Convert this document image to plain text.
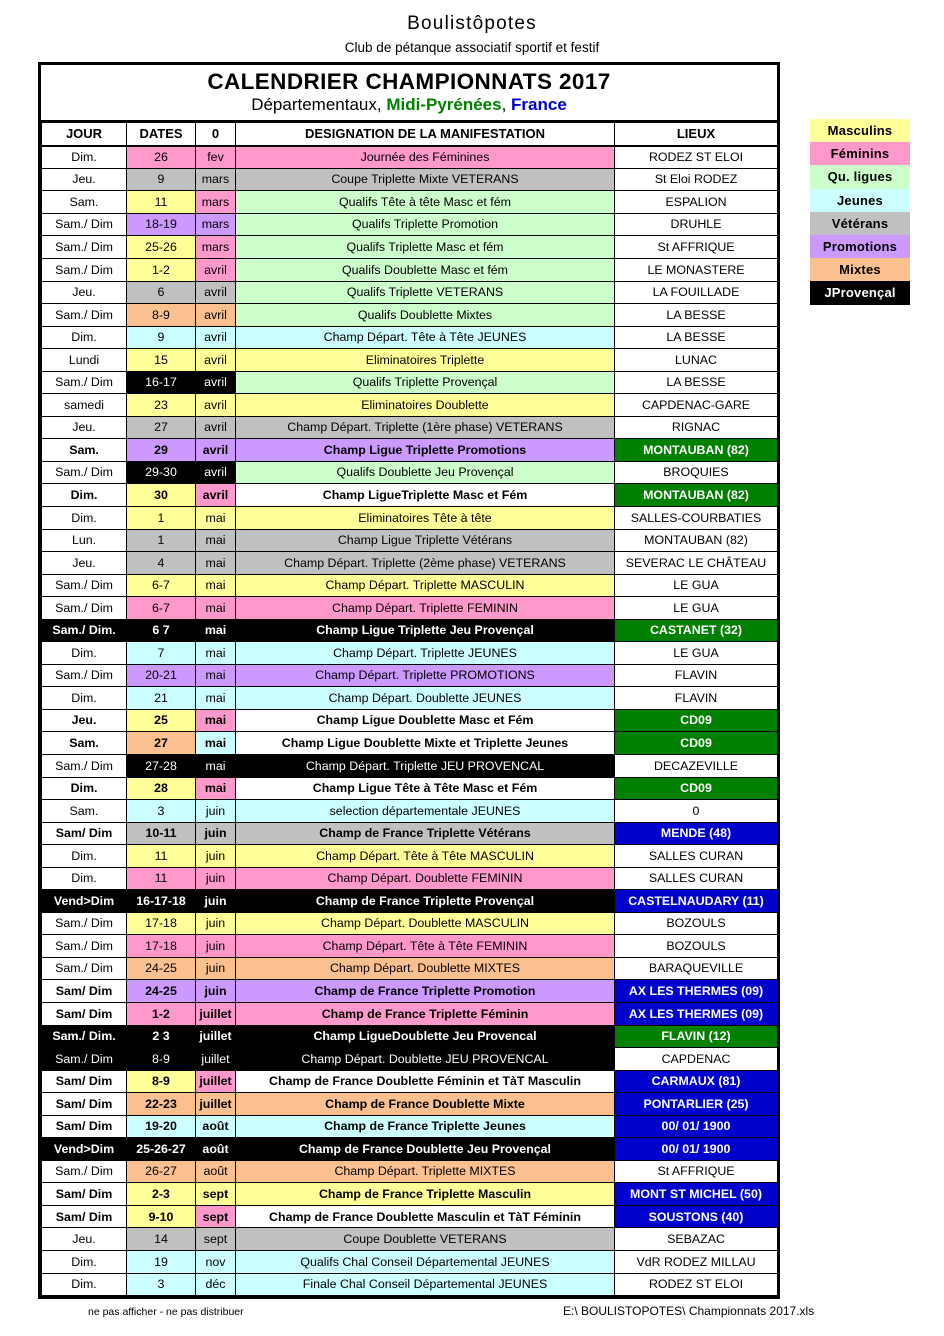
Boulistôpotes
Club de pétanque associatif sportif et festif
CALENDRIER CHAMPIONNATS 2017
Départementaux, Midi-Pyrénées, France
JOUR	DATES	0	DESIGNATION DE LA MANIFESTATION	LIEUX
Dim.	26	fev	Journée des Féminines	RODEZ ST ELOI
Jeu.	9	mars	Coupe Triplette Mixte VETERANS	St Eloi RODEZ
Sam.	11	mars	Qualifs Tête à tête Masc et fém	ESPALION
Sam./ Dim	18-19	mars	Qualifs Triplette Promotion	DRUHLE
Sam./ Dim	25-26	mars	Qualifs Triplette Masc et fém	St AFFRIQUE
Sam./ Dim	1-2	avril	Qualifs Doublette Masc et fém	LE MONASTERE
Jeu.	6	avril	Qualifs Triplette VETERANS	LA FOUILLADE
Sam./ Dim	8-9	avril	Qualifs Doublette Mixtes	LA BESSE
Dim.	9	avril	Champ Départ. Tête à Tête JEUNES	LA BESSE
Lundi	15	avril	Eliminatoires Triplette	LUNAC
Sam./ Dim	16-17	avril	Qualifs Triplette Provençal	LA BESSE
samedi	23	avril	Eliminatoires Doublette	CAPDENAC-GARE
Jeu.	27	avril	Champ Départ. Triplette (1ère phase) VETERANS	RIGNAC
Sam.	29	avril	Champ Ligue Triplette Promotions	MONTAUBAN (82)
Sam./ Dim	29-30	avril	Qualifs Doublette Jeu Provençal	BROQUIES
Dim.	30	avril	Champ LigueTriplette Masc et Fém	MONTAUBAN (82)
Dim.	1	mai	Eliminatoires Tête à tête	SALLES-COURBATIES
Lun.	1	mai	Champ Ligue Triplette Vétérans	MONTAUBAN (82)
Jeu.	4	mai	Champ Départ. Triplette (2ème phase) VETERANS	SEVERAC LE CHÂTEAU
Sam./ Dim	6-7	mai	Champ Départ. Triplette MASCULIN	LE GUA
Sam./ Dim	6-7	mai	Champ Départ. Triplette FEMININ	LE GUA
Sam./ Dim.	6 7	mai	Champ Ligue Triplette Jeu Provençal	CASTANET (32)
Dim.	7	mai	Champ Départ. Triplette JEUNES	LE GUA
Sam./ Dim	20-21	mai	Champ Départ. Triplette PROMOTIONS	FLAVIN
Dim.	21	mai	Champ Départ. Doublette JEUNES	FLAVIN
Jeu.	25	mai	Champ Ligue Doublette Masc et Fém	CD09
Sam.	27	mai	Champ Ligue Doublette Mixte et Triplette Jeunes	CD09
Sam./ Dim	27-28	mai	Champ Départ. Triplette JEU PROVENCAL	DECAZEVILLE
Dim.	28	mai	Champ Ligue Tête à Tête Masc et Fém	CD09
Sam.	3	juin	selection départementale JEUNES	0
Sam/ Dim	10-11	juin	Champ de France Triplette Vétérans	MENDE (48)
Dim.	11	juin	Champ Départ. Tête à Tête MASCULIN	SALLES CURAN
Dim.	11	juin	Champ Départ. Doublette FEMININ	SALLES CURAN
Vend>Dim	16-17-18	juin	Champ de France Triplette Provençal	CASTELNAUDARY (11)
Sam./ Dim	17-18	juin	Champ Départ. Doublette MASCULIN	BOZOULS
Sam./ Dim	17-18	juin	Champ Départ. Tête à Tête FEMININ	BOZOULS
Sam./ Dim	24-25	juin	Champ Départ. Doublette MIXTES	BARAQUEVILLE
Sam/ Dim	24-25	juin	Champ de France Triplette Promotion	AX LES THERMES (09)
Sam/ Dim	1-2	juillet	Champ de France Triplette Féminin	AX LES THERMES (09)
Sam./ Dim.	2 3	juillet	Champ LigueDoublette Jeu Provencal	FLAVIN (12)
Sam./ Dim	8-9	juillet	Champ Départ. Doublette JEU PROVENCAL	CAPDENAC
Sam/ Dim	8-9	juillet	Champ de France Doublette Féminin et TàT Masculin	CARMAUX (81)
Sam/ Dim	22-23	juillet	Champ de France Doublette Mixte	PONTARLIER (25)
Sam/ Dim	19-20	août	Champ de France Triplette Jeunes	00/ 01/ 1900
Vend>Dim	25-26-27	août	Champ de France Doublette Jeu Provençal	00/ 01/ 1900
Sam./ Dim	26-27	août	Champ Départ. Triplette MIXTES	St AFFRIQUE
Sam/ Dim	2-3	sept	Champ de France Triplette Masculin	MONT ST MICHEL (50)
Sam/ Dim	9-10	sept	Champ de France Doublette Masculin et TàT Féminin	SOUSTONS (40)
Jeu.	14	sept	Coupe Doublette VETERANS	SEBAZAC
Dim.	19	nov	Qualifs Chal Conseil Départemental JEUNES	VdR RODEZ MILLAU
Dim.	3	déc	Finale Chal Conseil Départemental JEUNES	RODEZ ST ELOI
Masculins
Féminins
Qu. ligues
Jeunes
Vétérans
Promotions
Mixtes
JProvençal
ne pas afficher - ne pas distribuer	E:\ BOULISTOPOTES\ Championnats 2017.xls
